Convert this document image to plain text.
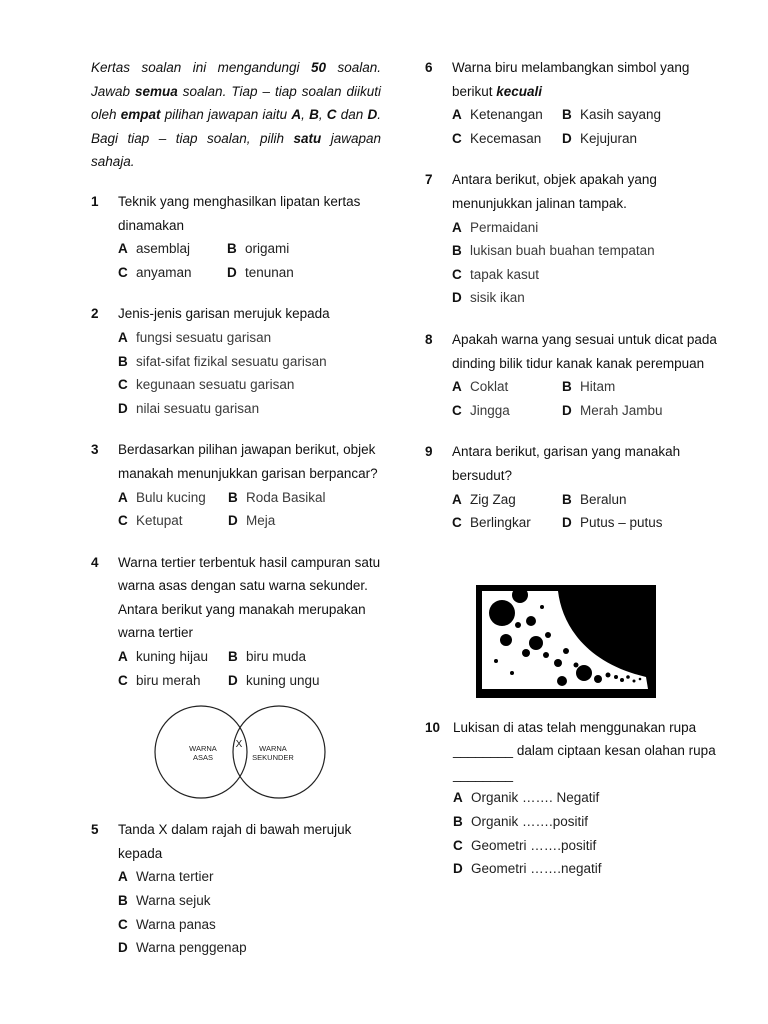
Kertas soalan ini mengandungi 50 soalan. Jawab semua soalan. Tiap – tiap soalan diikuti oleh empat pilihan jawapan iaitu A, B, C dan D. Bagi tiap – tiap soalan, pilih satu jawapan sahaja.

1 Teknik yang menghasilkan lipatan kertas dinamakan
A asemblaj	B origami
C anyaman	D tenunan
2 Jenis-jenis garisan merujuk kepada
A fungsi sesuatu garisan
B sifat-sifat fizikal sesuatu garisan
C kegunaan sesuatu garisan
D nilai sesuatu garisan
3 Berdasarkan pilihan jawapan berikut, objek manakah menunjukkan garisan berpancar?
A Bulu kucing B Roda Basikal
C Ketupat	D Meja
4 Warna tertier terbentuk hasil campuran satu warna asas dengan satu warna sekunder. Antara berikut yang manakah merupakan warna tertier
A kuning hijau B biru muda
C biru merah D kuning ungu
WARNA
ASAS
X	WARNA
SEKUNDER
5 Tanda X dalam rajah di bawah merujuk kepada
A Warna tertier
B Warna sejuk
C Warna panas
D Warna penggenap
6 Warna biru melambangkan simbol yang berikut kecuali
A Ketenangan B Kasih sayang
C Kecemasan D Kejujuran
7 Antara berikut, objek apakah yang menunjukkan jalinan tampak.
A Permaidani
B lukisan buah buahan tempatan
C tapak kasut
D sisik ikan
8 Apakah warna yang sesuai untuk dicat pada dinding bilik tidur kanak kanak perempuan
A Coklat	B Hitam
C Jingga	D Merah Jambu
9 Antara berikut, garisan yang manakah bersudut?
A Zig Zag	B Beralun
C Berlingkar D Putus – putus
10 Lukisan di atas telah menggunakan rupa ________ dalam ciptaan kesan olahan rupa ________
A Organik ……. Negatif
B Organik …….positif
C Geometri …….positif
D Geometri …….negatif
